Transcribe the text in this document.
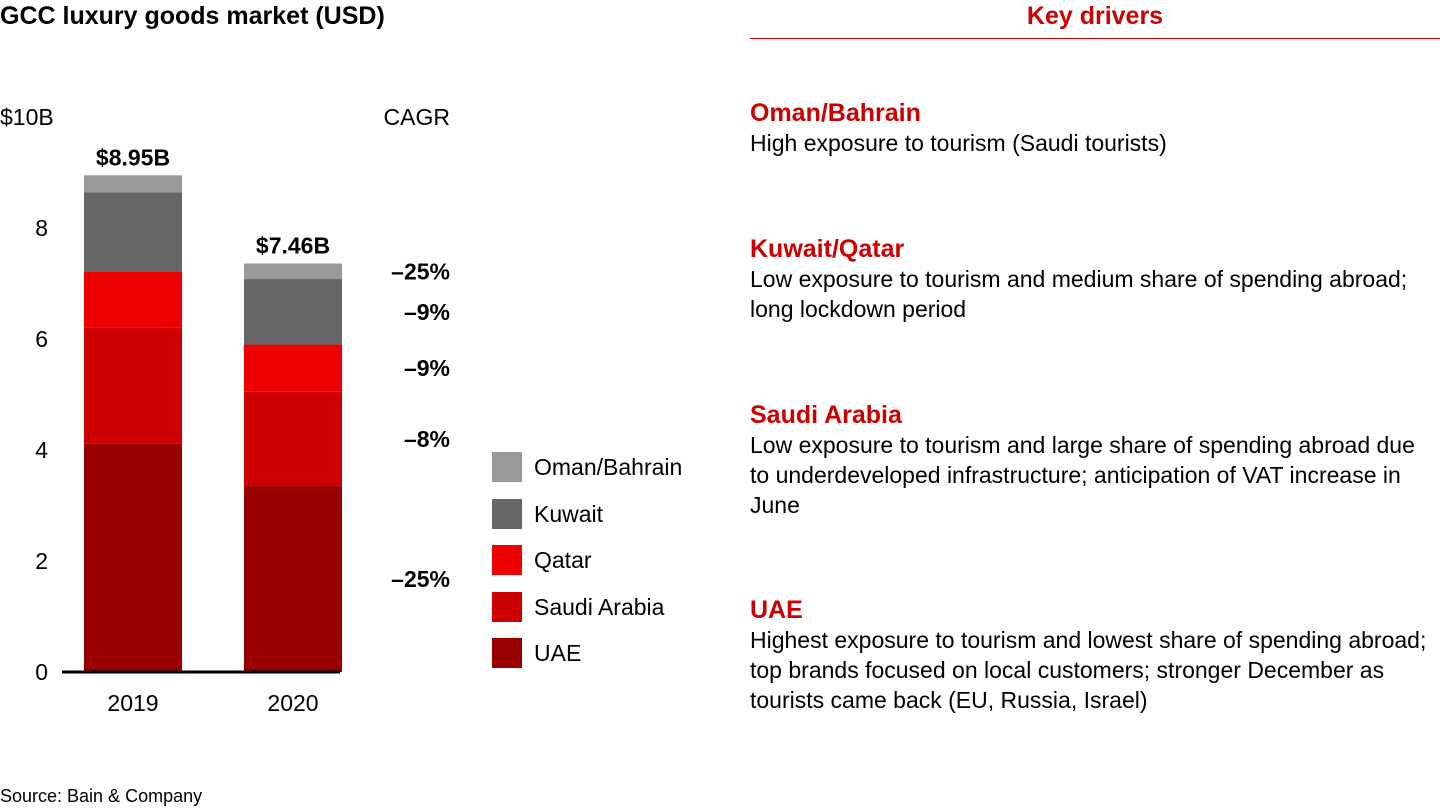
GCC luxury goods market (USD)
$10B
0
2
4
6
8
$8.95B
2019
$7.46B
2020
CAGR
–25%
–9%
–9%
–8%
–25%
Oman/Bahrain
Kuwait
Qatar
Saudi Arabia
UAE
Key drivers
Oman/Bahrain
High exposure to tourism (Saudi tourists)
Kuwait/Qatar
Low exposure to tourism and medium share of spending abroad; long lockdown period
Saudi Arabia
Low exposure to tourism and large share of spending abroad due to underdeveloped infrastructure; anticipation of VAT increase in June
UAE
Highest exposure to tourism and lowest share of spending abroad; top brands focused on local customers; stronger December as tourists came back (EU, Russia, Israel)
Source: Bain & Company
